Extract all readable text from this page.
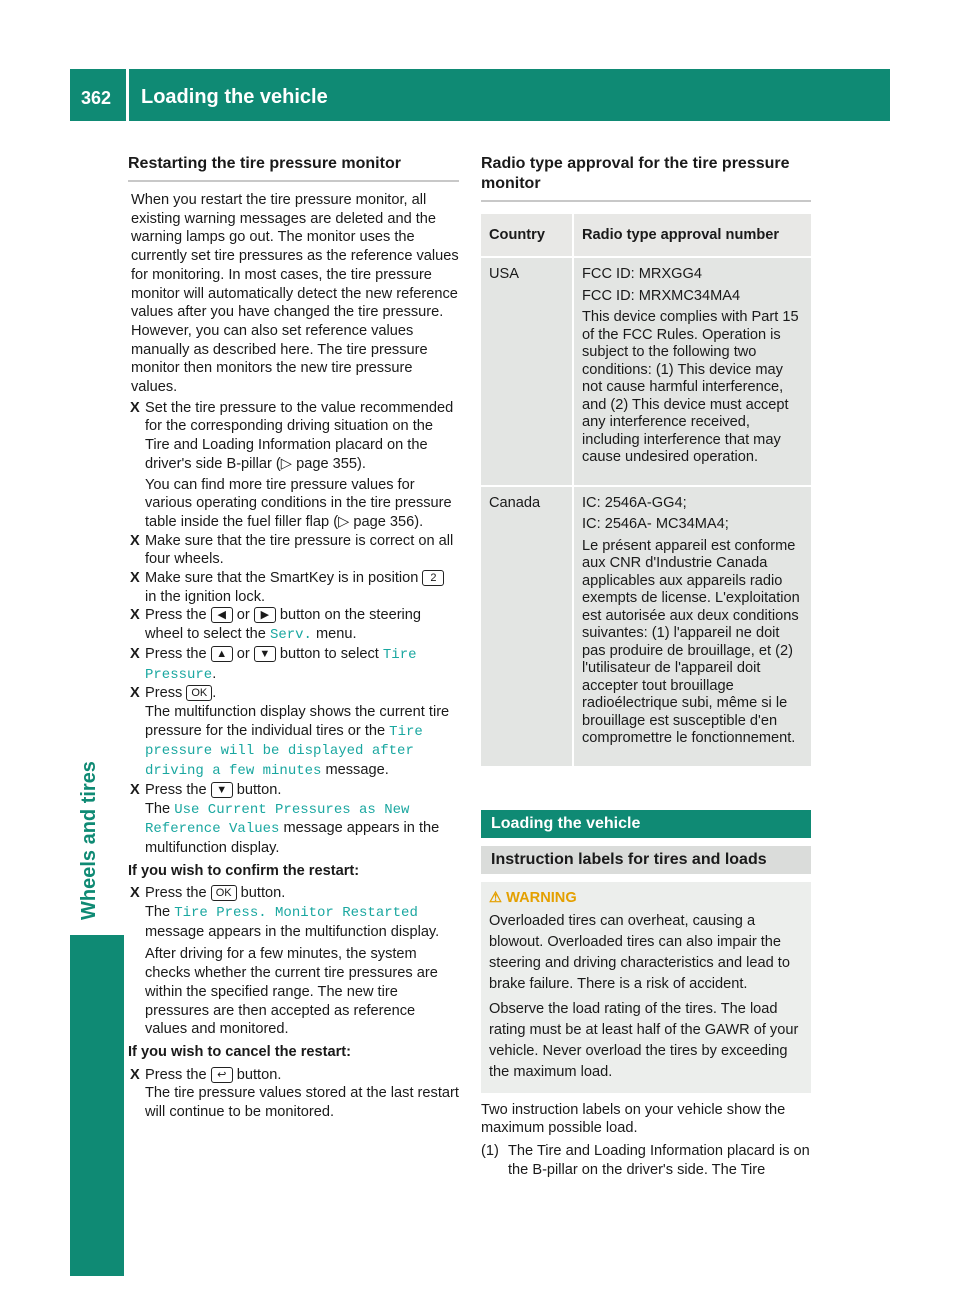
362 Loading the vehicle
Wheels and tires
Restarting the tire pressure monitor

When you restart the tire pressure monitor, all existing warning messages are deleted and the warning lamps go out. The monitor uses the currently set tire pressures as the reference values for monitoring. In most cases, the tire pressure monitor will automatically detect the new reference values after you have changed the tire pressure. However, you can also set reference values manually as described here. The tire pressure monitor then monitors the new tire pressure values.

X Set the tire pressure to the value recommended for the corresponding driving situation on the Tire and Loading Information placard on the driver's side B-pillar (▷ page 355).

You can find more tire pressure values for various operating conditions in the tire pressure table inside the fuel filler flap (▷ page 356).

X Make sure that the tire pressure is correct on all four wheels.
X Make sure that the SmartKey is in position 2 in the ignition lock.
X Press the ◀ or ▶ button on the steering wheel to select the Serv. menu.
X Press the ▲ or ▼ button to select Tire Pressure.
X Press OK .
The multifunction display shows the current tire pressure for the individual tires or the Tire pressure will be displayed after driving a few minutes message.
X Press the ▼ button.
The Use Current Pressures as New Reference Values message appears in the multifunction display.

If you wish to confirm the restart:

X Press the OK button.
The Tire Press. Monitor Restarted message appears in the multifunction display.

After driving for a few minutes, the system checks whether the current tire pressures are within the specified range. The new tire pressures are then accepted as reference values and monitored.

If you wish to cancel the restart:

X Press the ↩ button.
The tire pressure values stored at the last restart will continue to be monitored.
Radio type approval for the tire pressure monitor
Country	Radio type approval number
USA	FCC ID: MRXGG4

FCC ID: MRXMC34MA4

This device complies with Part 15 of the FCC Rules. Operation is subject to the following two conditions: (1) This device may not cause harmful interference, and (2) This device must accept any interference received, including interference that may cause undesired operation.

Canada	IC: 2546A-GG4;

IC: 2546A- MC34MA4;

Le présent appareil est conforme aux CNR d'Industrie Canada applicables aux appareils radio exempts de license. L'exploitation est autorisée aux deux conditions suivantes: (1) l'appareil ne doit pas produire de brouillage, et (2) l'utilisateur de l'appareil doit accepter tout brouillage radioélectrique subi, même si le brouillage est susceptible d'en compromettre le fonctionnement.

Loading the vehicle
Instruction labels for tires and loads
⚠ WARNING

Overloaded tires can overheat, causing a blowout. Overloaded tires can also impair the steering and driving characteristics and lead to brake failure. There is a risk of accident.

Observe the load rating of the tires. The load rating must be at least half of the GAWR of your vehicle. Never overload the tires by exceeding the maximum load.

Two instruction labels on your vehicle show the maximum possible load.

(1) The Tire and Loading Information placard is on the B-pillar on the driver's side. The Tire
